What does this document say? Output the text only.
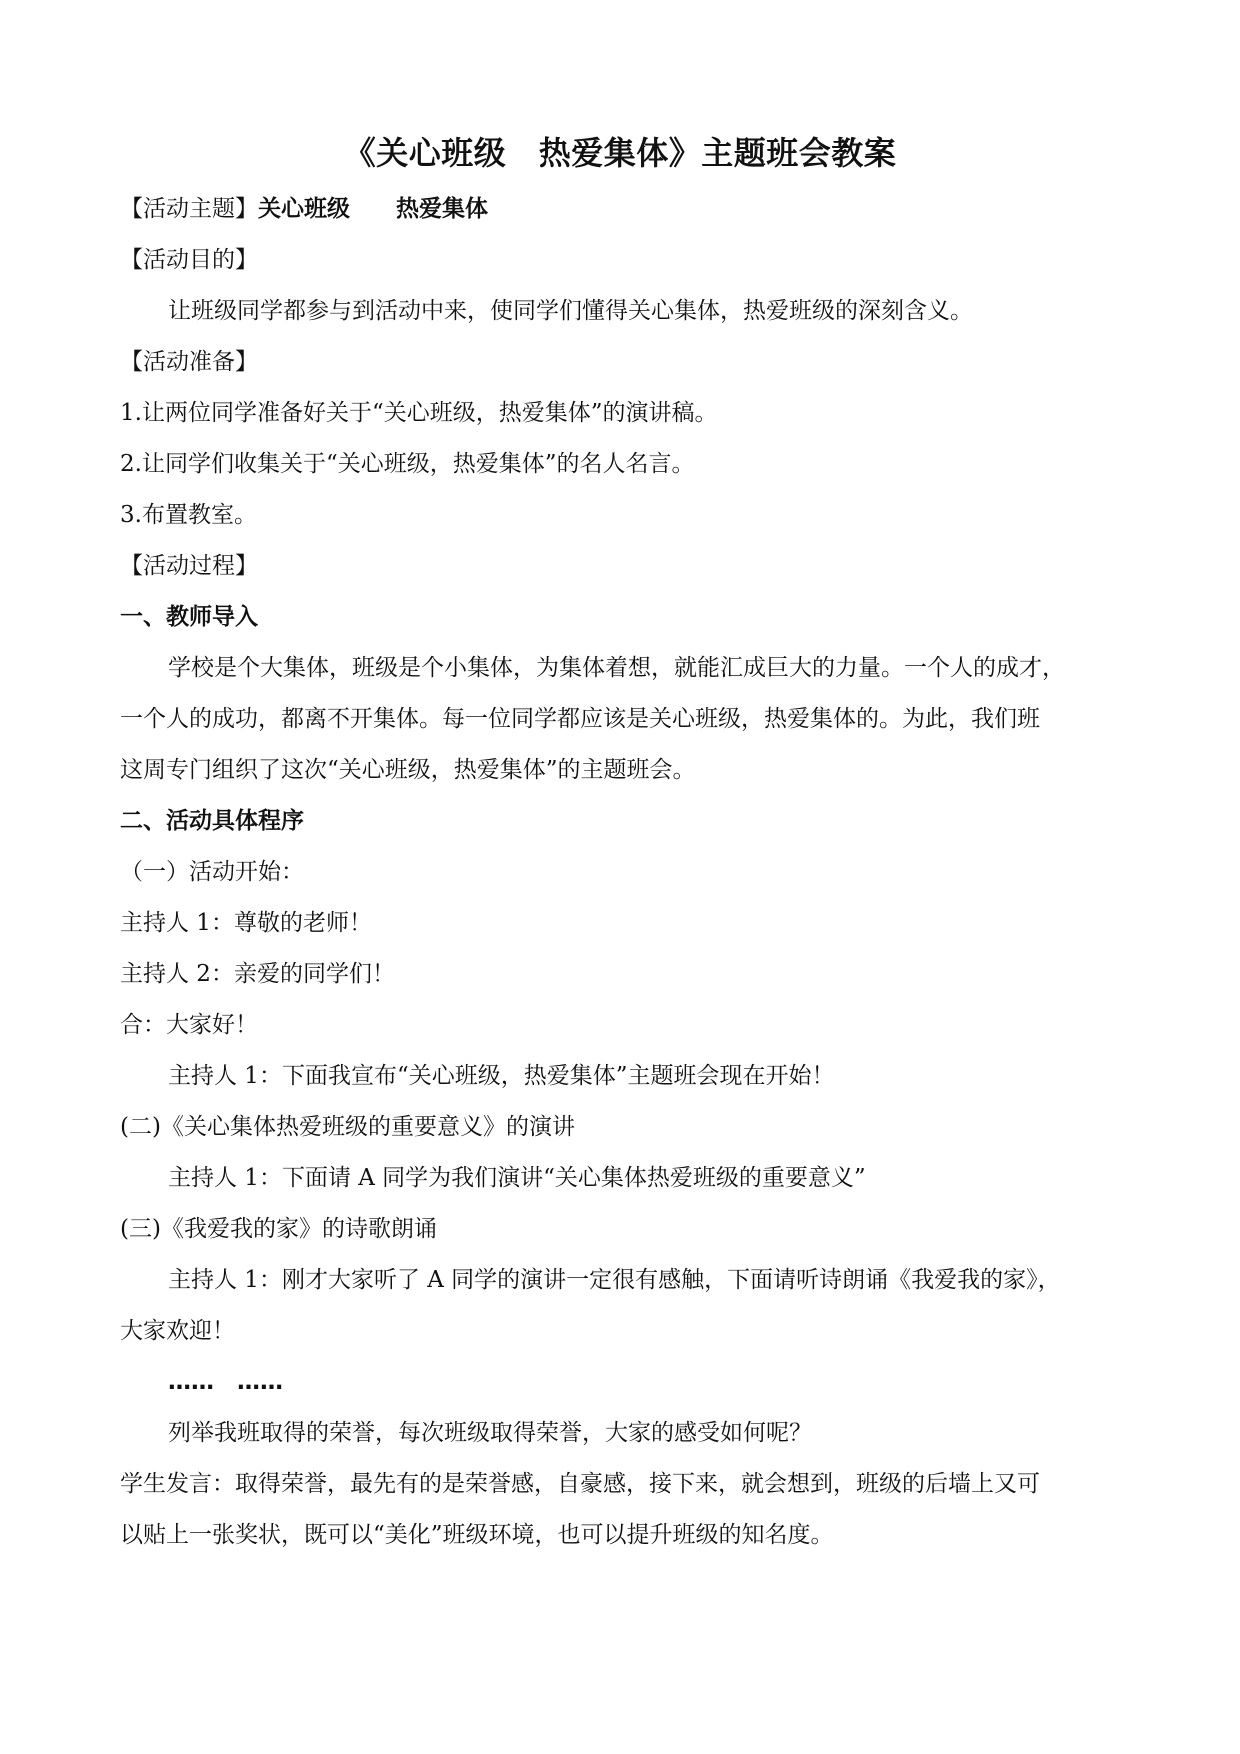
《关心班级　热爱集体》主题班会教案
【活动主题】关心班级　　热爱集体
【活动目的】
让班级同学都参与到活动中来，使同学们懂得关心集体，热爱班级的深刻含义。
【活动准备】
1.让两位同学准备好关于“关心班级，热爱集体”的演讲稿。
2.让同学们收集关于“关心班级，热爱集体”的名人名言。
3.布置教室。
【活动过程】
一、教师导入
学校是个大集体，班级是个小集体，为集体着想，就能汇成巨大的力量。一个人的成才，
一个人的成功，都离不开集体。每一位同学都应该是关心班级，热爱集体的。为此，我们班
这周专门组织了这次“关心班级，热爱集体”的主题班会。
二、活动具体程序
（一）活动开始：
主持人 1：尊敬的老师！
主持人 2：亲爱的同学们！
合：大家好！
主持人 1：下面我宣布“关心班级，热爱集体”主题班会现在开始！
(二)《关心集体热爱班级的重要意义》的演讲
主持人 1：下面请 A 同学为我们演讲“关心集体热爱班级的重要意义”
(三)《我爱我的家》的诗歌朗诵
主持人 1：刚才大家听了 A 同学的演讲一定很有感触，下面请听诗朗诵《我爱我的家》，
大家欢迎！
……　……
列举我班取得的荣誉，每次班级取得荣誉，大家的感受如何呢？
学生发言：取得荣誉，最先有的是荣誉感，自豪感，接下来，就会想到，班级的后墙上又可
以贴上一张奖状，既可以“美化”班级环境，也可以提升班级的知名度。
